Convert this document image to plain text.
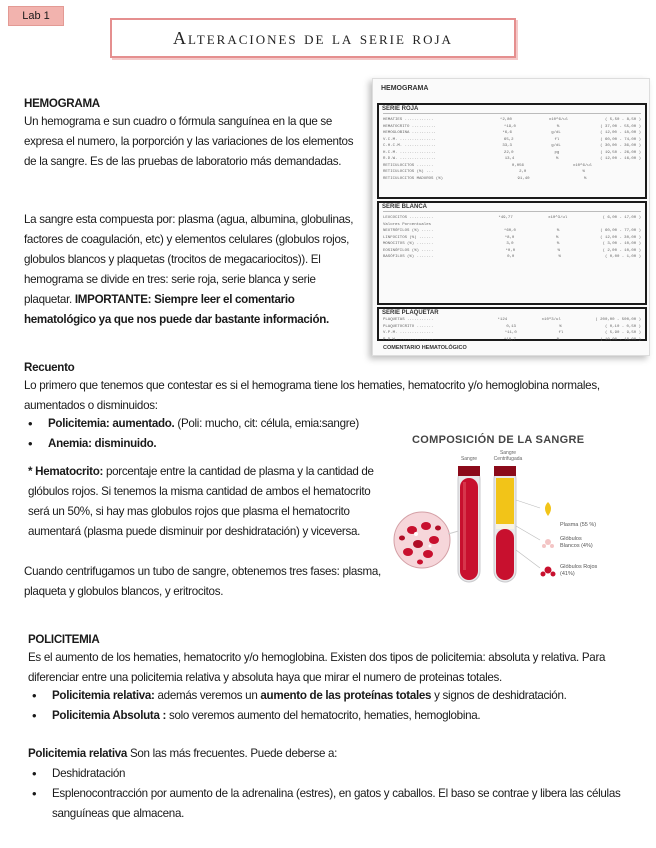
Lab 1
Alteraciones de la serie roja
HEMOGRAMA
Un hemograma e sun cuadro o fórmula sanguínea en la que se expresa el numero, la porporción y las variaciones de los elementos de la sangre. Es de las pruebas de laboratorio más demandadas.
La sangre esta compuesta por: plasma (agua, albumina, globulinas, factores de coagulación, etc) y elementos celulares (globulos rojos, globulos blancos y plaquetas (trocitos de megacariocitos)). El hemograma se divide en tres: serie roja, serie blanca y serie plaquetar. IMPORTANTE: Siempre leer el comentario hematológico ya que nos puede dar bastante información.
HEMOGRAMA
SERIE ROJA
HEMATIES ............	*2,80	x10^6/ul	( 5,50 - 8,50 )
HEMATOCRITO ..........	*19,0	%	( 37,00 - 55,00 )
HEMOGLOBINA ..........	*6,6	g/dL	( 12,00 - 18,00 )
V.C.M. ...............	65,2	fl	( 60,00 - 74,00 )
C.H.C.M. .............	33,3	g/dL	( 30,00 - 36,00 )
H.C.M. ...............	22,0	pg	( 19,50 - 26,00 )
R.D.W. ...............	13,4	%	( 12,00 - 16,00 )
RETICULOCITOS .......	0,056	x10^6/ul
RETICULOCITOS (%) ...	2,0	%
RETICULOCITOS MADUROS (%)	91,40	%
SERIE BLANCA
LEUCOCITOS ..........	*49,77	x10^3/ul	( 6,00 - 17,00 )
Valores Porcentuales
NEUTRÓFILOS (%) .....	*60,0	%	( 60,00 - 77,00 )
LINFOCITOS (%) ......	*8,0	%	( 12,00 - 30,00 )
MONOCITOS (%) .......	3,0	%	( 3,00 - 10,00 )
EOSINÓFILOS (%) .....	*0,0	%	( 2,00 - 10,00 )
BASÓFILOS (%) .......	0,0	%	( 0,00 - 1,00 )
SERIE PLAQUETAR
PLAQUETAS ...........	*124	x10^3/ul	( 200,00 - 500,00 )
PLAQUETOCRITO .......	0,13	%	( 0,10 - 0,50 )
V.P.M. ..............	*11,0	fl	( 5,90 - 9,50 )
P.D.W. ..............	*18,7	%	( 10,00 - 18,00 )
COMENTARIO HEMATOLÓGICO
Recuento
Lo primero que tenemos que contestar es si el hemograma tiene los hematies, hematocrito y/o hemoglobina normales, aumentados o disminuidos:
• Policitemia: aumentado. (Poli: mucho, cit: célula, emia:sangre)
• Anemia: disminuido.
* Hematocrito: porcentaje entre la cantidad de plasma y la cantidad de glóbulos rojos. Si tenemos la misma cantidad de ambos el hematocrito será un 50%, si hay mas globulos rojos que plasma el hematocrito aumentará (plasma puede disminuir por deshidratación) y viceversa.
Cuando centrifugamos un tubo de sangre, obtenemos tres fases: plasma, plaqueta y globulos blancos, y eritrocitos.
COMPOSICIÓN DE LA SANGRE
Sangre
Sangre Centrifugada
Plasma (55 %)
Glóbulos Blancos (4%)
Glóbulos Rojos (41%)
POLICITEMIA
Es el aumento de los hematies, hematocrito y/o hemoglobina. Existen dos tipos de policitemia: absoluta y relativa. Para diferenciar entre una policitemia relativa y absoluta haya que mirar el numero de proteinas totales.
• Policitemia relativa: además veremos un aumento de las proteínas totales y signos de deshidratación.
• Policitemia Absoluta : solo veremos aumento del hematocrito, hematies, hemoglobina.
Policitemia relativa Son las más frecuentes. Puede deberse a:
• Deshidratación
• Esplenocontracción por aumento de la adrenalina (estres), en gatos y caballos. El baso se contrae y libera las células sanguíneas que almacena.
